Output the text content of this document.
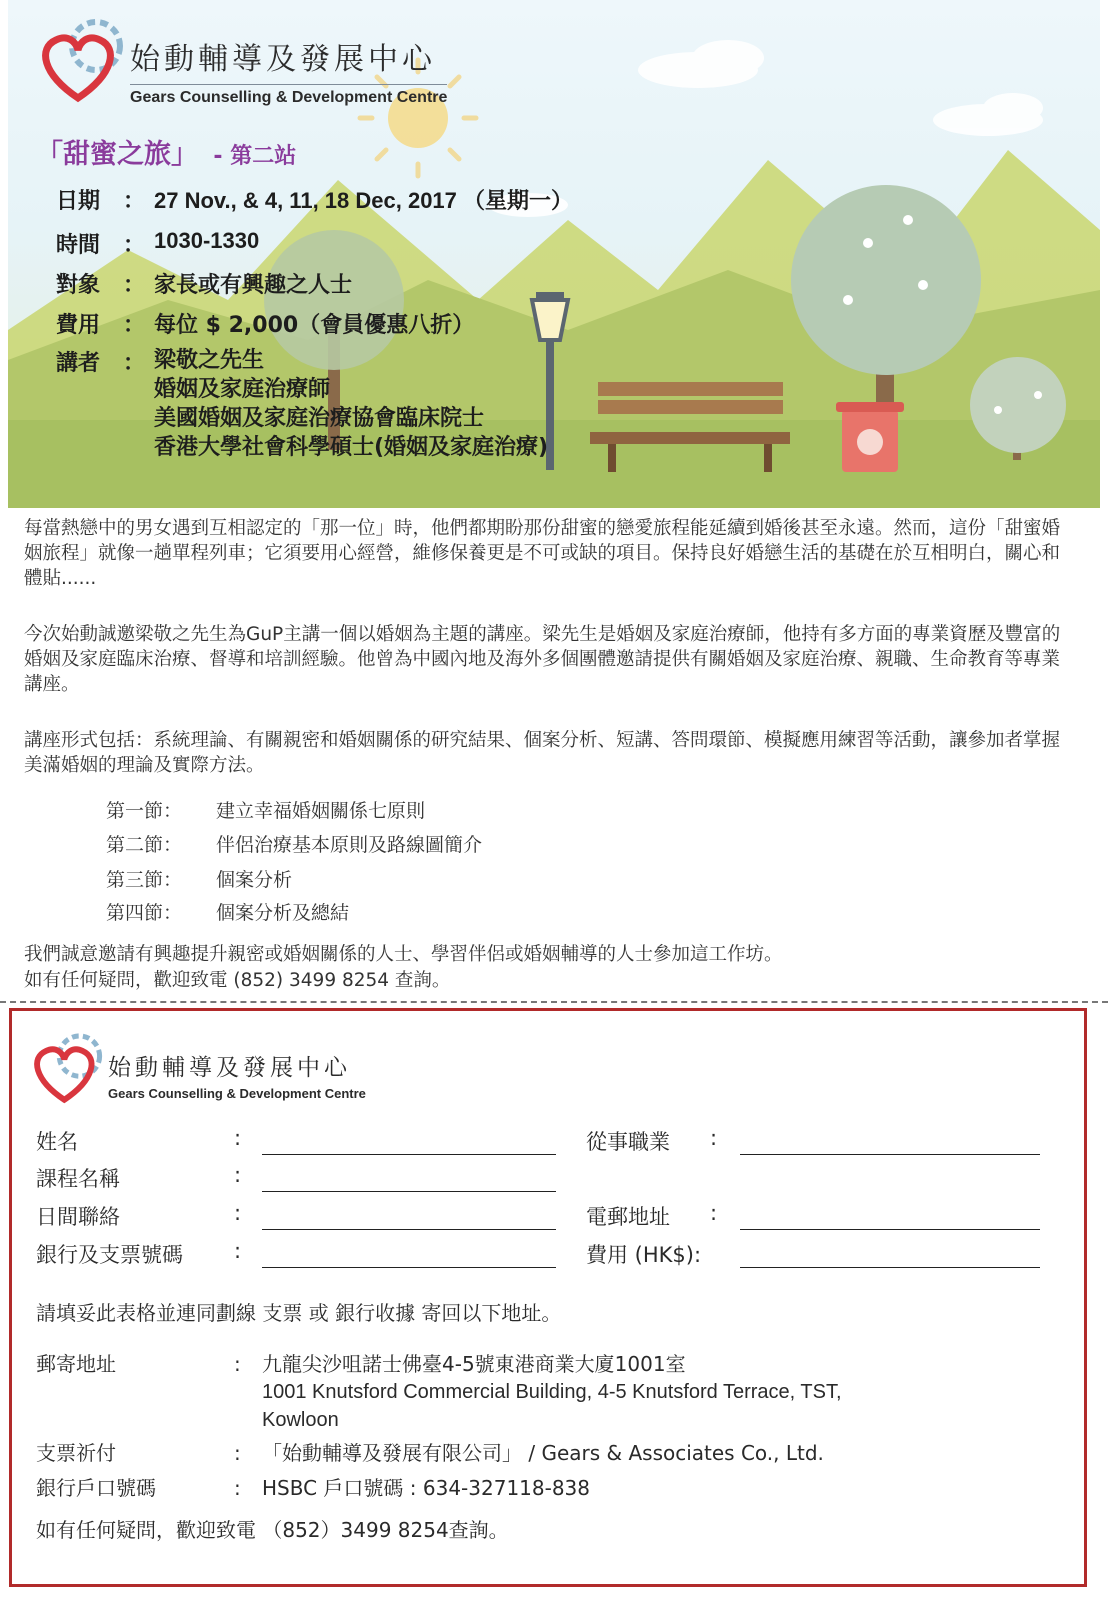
始動輔導及發展中心
Gears Counselling & Development Centre
「甜蜜之旅」 - 第二站
日期	： 27 Nov., & 4, 11, 18 Dec, 2017 （星期一）
時間	： 1030-1330
對象	： 家長或有興趣之人士
費用	： 每位 $ 2,000（會員優惠八折）
講者	： 梁敬之先生
婚姻及家庭治療師
美國婚姻及家庭治療協會臨床院士
香港大學社會科學碩士(婚姻及家庭治療)
每當熱戀中的男女遇到互相認定的「那一位」時，他們都期盼那份甜蜜的戀愛旅程能延續到婚後甚至永遠。然而，這份「甜蜜婚姻旅程」就像一趟單程列車；它須要用心經營，維修保養更是不可或缺的項目。保持良好婚戀生活的基礎在於互相明白，關心和體貼......
今次始動誠邀梁敬之先生為GuP主講一個以婚姻為主題的講座。梁先生是婚姻及家庭治療師，他持有多方面的專業資歷及豐富的婚姻及家庭臨床治療、督導和培訓經驗。他曾為中國內地及海外多個團體邀請提供有關婚姻及家庭治療、親職、生命教育等專業講座。
講座形式包括：系統理論、有關親密和婚姻關係的研究結果、個案分析、短講、答問環節、模擬應用練習等活動，讓參加者掌握美滿婚姻的理論及實際方法。
第一節：	建立幸福婚姻關係七原則
第二節：	伴侶治療基本原則及路線圖簡介
第三節：	個案分析
第四節：	個案分析及總結
我們誠意邀請有興趣提升親密或婚姻關係的人士、學習伴侶或婚姻輔導的人士參加這工作坊。
如有任何疑問，歡迎致電 (852) 3499 8254 查詢。
始動輔導及發展中心
Gears Counselling & Development Centre
姓名	:	從事職業 :
課程名稱	:
日間聯絡	:	電郵地址 :
銀行及支票號碼 :	費用 (HK$):
請填妥此表格並連同劃線 支票 或 銀行收據 寄回以下地址。
郵寄地址	: 九龍尖沙咀諾士佛臺4-5號東港商業大廈1001室
1001 Knutsford Commercial Building, 4-5 Knutsford Terrace, TST,
Kowloon
支票祈付	: 「始動輔導及發展有限公司」 / Gears & Associates Co., Ltd.
銀行戶口號碼	: HSBC 戶口號碼 : 634-327118-838
如有任何疑問，歡迎致電 （852）3499 8254查詢。
